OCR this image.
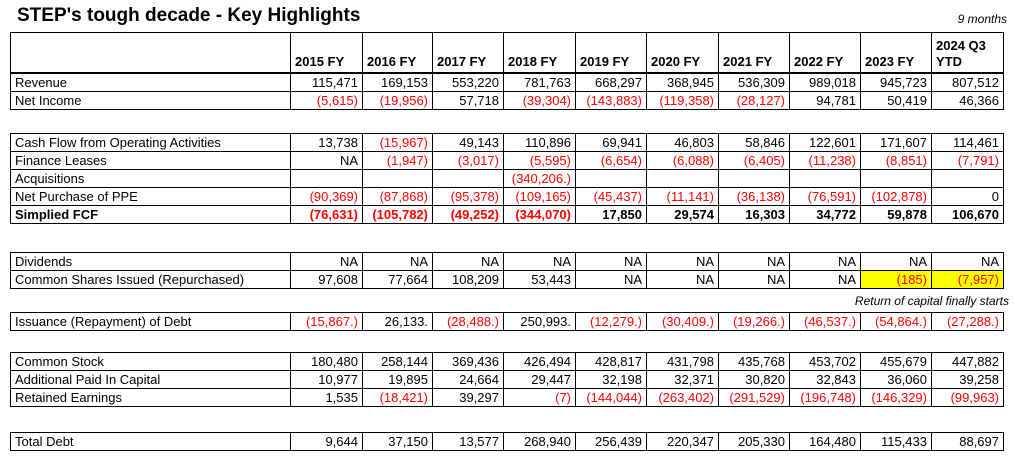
STEP's tough decade - Key Highlights	9 months
Return of capital finally starts
	2015 FY	2016 FY	2017 FY	2018 FY	2019 FY	2020 FY	2021 FY	2022 FY	2023 FY	2024 Q3 YTD
Revenue	115,471	169,153	553,220	781,763	668,297	368,945	536,309	989,018	945,723	807,512
Net Income	(5,615)	(19,956)	57,718	(39,304)	(143,883)	(119,358)	(28,127)	94,781	50,419	46,366
Cash Flow from Operating Activities	13,738	(15,967)	49,143	110,896	69,941	46,803	58,846	122,601	171,607	114,461
Finance Leases	NA	(1,947)	(3,017)	(5,595)	(6,654)	(6,088)	(6,405)	(11,238)	(8,851)	(7,791)
Acquisitions				(340,206.)						
Net Purchase of PPE	(90,369)	(87,868)	(95,378)	(109,165)	(45,437)	(11,141)	(36,138)	(76,591)	(102,878)	0
Simplied FCF	(76,631)	(105,782)	(49,252)	(344,070)	17,850	29,574	16,303	34,772	59,878	106,670
Dividends	NA	NA	NA	NA	NA	NA	NA	NA	NA	NA
Common Shares Issued (Repurchased)	97,608	77,664	108,209	53,443	NA	NA	NA	NA	(185)	(7,957)
Issuance (Repayment) of Debt	(15,867.)	26,133.	(28,488.)	250,993.	(12,279.)	(30,409.)	(19,266.)	(46,537.)	(54,864.)	(27,288.)
Common Stock	180,480	258,144	369,436	426,494	428,817	431,798	435,768	453,702	455,679	447,882
Additional Paid In Capital	10,977	19,895	24,664	29,447	32,198	32,371	30,820	32,843	36,060	39,258
Retained Earnings	1,535	(18,421)	39,297	(7)	(144,044)	(263,402)	(291,529)	(196,748)	(146,329)	(99,963)
Total Debt	9,644	37,150	13,577	268,940	256,439	220,347	205,330	164,480	115,433	88,697
